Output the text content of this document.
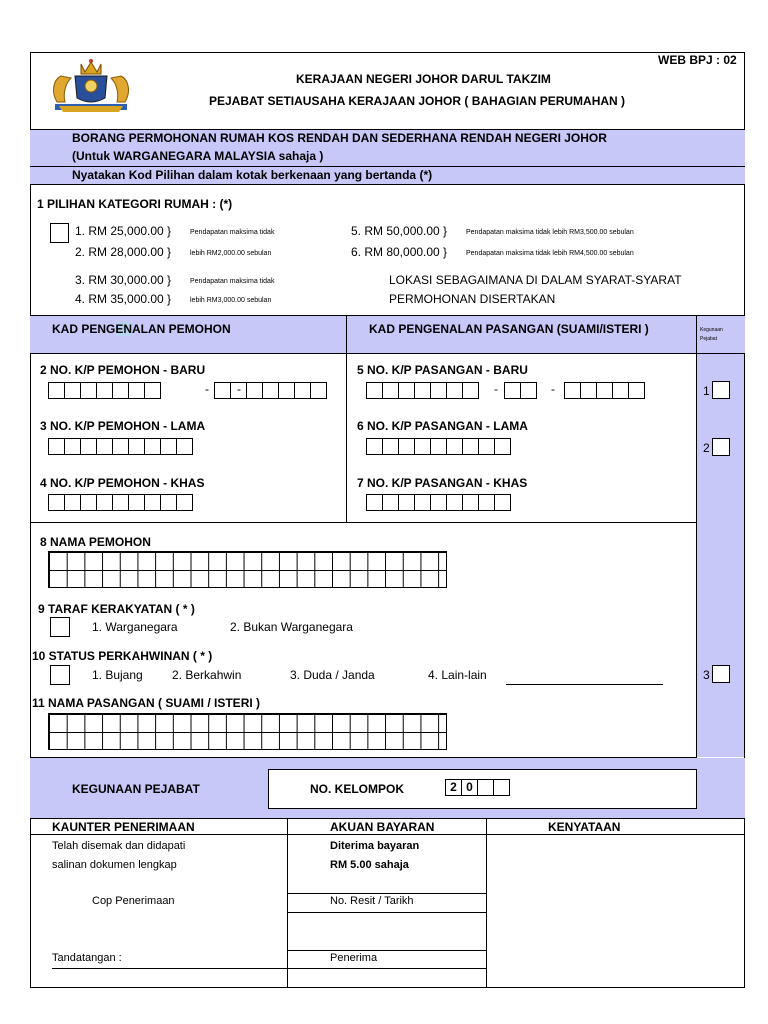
WEB BPJ : 02
KERAJAAN NEGERI JOHOR DARUL TAKZIM
PEJABAT SETIAUSAHA KERAJAAN JOHOR ( BAHAGIAN PERUMAHAN )
BORANG PERMOHONAN RUMAH KOS RENDAH DAN SEDERHANA RENDAH NEGERI JOHOR
(Untuk WARGANEGARA MALAYSIA sahaja )
Nyatakan Kod Pilihan dalam kotak berkenaan yang bertanda (*)
1 PILIHAN KATEGORI RUMAH : (*)
1. RM 25,000.00 }
2. RM 28,000.00 }
Pendapatan maksima tidak
lebih RM2,000.00 sebulan
3. RM 30,000.00 }
4. RM 35,000.00 }
Pendapatan maksima tidak
lebih RM3,000.00 sebulan
5. RM 50,000.00 }	Pendapatan maksima tidak lebih RM3,500.00 sebulan
6. RM 80,000.00 }	Pendapatan maksima tidak lebih RM4,500.00 sebulan
LOKASI SEBAGAIMANA DI DALAM SYARAT-SYARAT
PERMOHONAN DISERTAKAN
KAD PENGENALAN PEMOHON	KAD PENGENALAN PASANGAN (SUAMI/ISTERI )	Kegunaan Pejabat
2 NO. K/P PEMOHON - BARU
- -
3 NO. K/P PEMOHON - LAMA
4 NO. K/P PEMOHON - KHAS
5 NO. K/P PASANGAN - BARU
-	-
6 NO. K/P PASANGAN - LAMA
7 NO. K/P PASANGAN - KHAS
1
2
3
8 NAMA PEMOHON
9 TARAF KERAKYATAN ( * )
1. Warganegara	2. Bukan Warganegara
10 STATUS PERKAHWINAN ( * )
1. Bujang 2. Berkahwin	3. Duda / Janda	4. Lain-lain
11 NAMA PASANGAN ( SUAMI / ISTERI )
KEGUNAAN PEJABAT	NO. KELOMPOK	2 0
KAUNTER PENERIMAAN	AKUAN BAYARAN	KENYATAAN
Telah disemak dan didapati
salinan dokumen lengkap
Cop Penerimaan
Tandatangan :
Diterima bayaran
RM 5.00 sahaja
No. Resit / Tarikh
Penerima
